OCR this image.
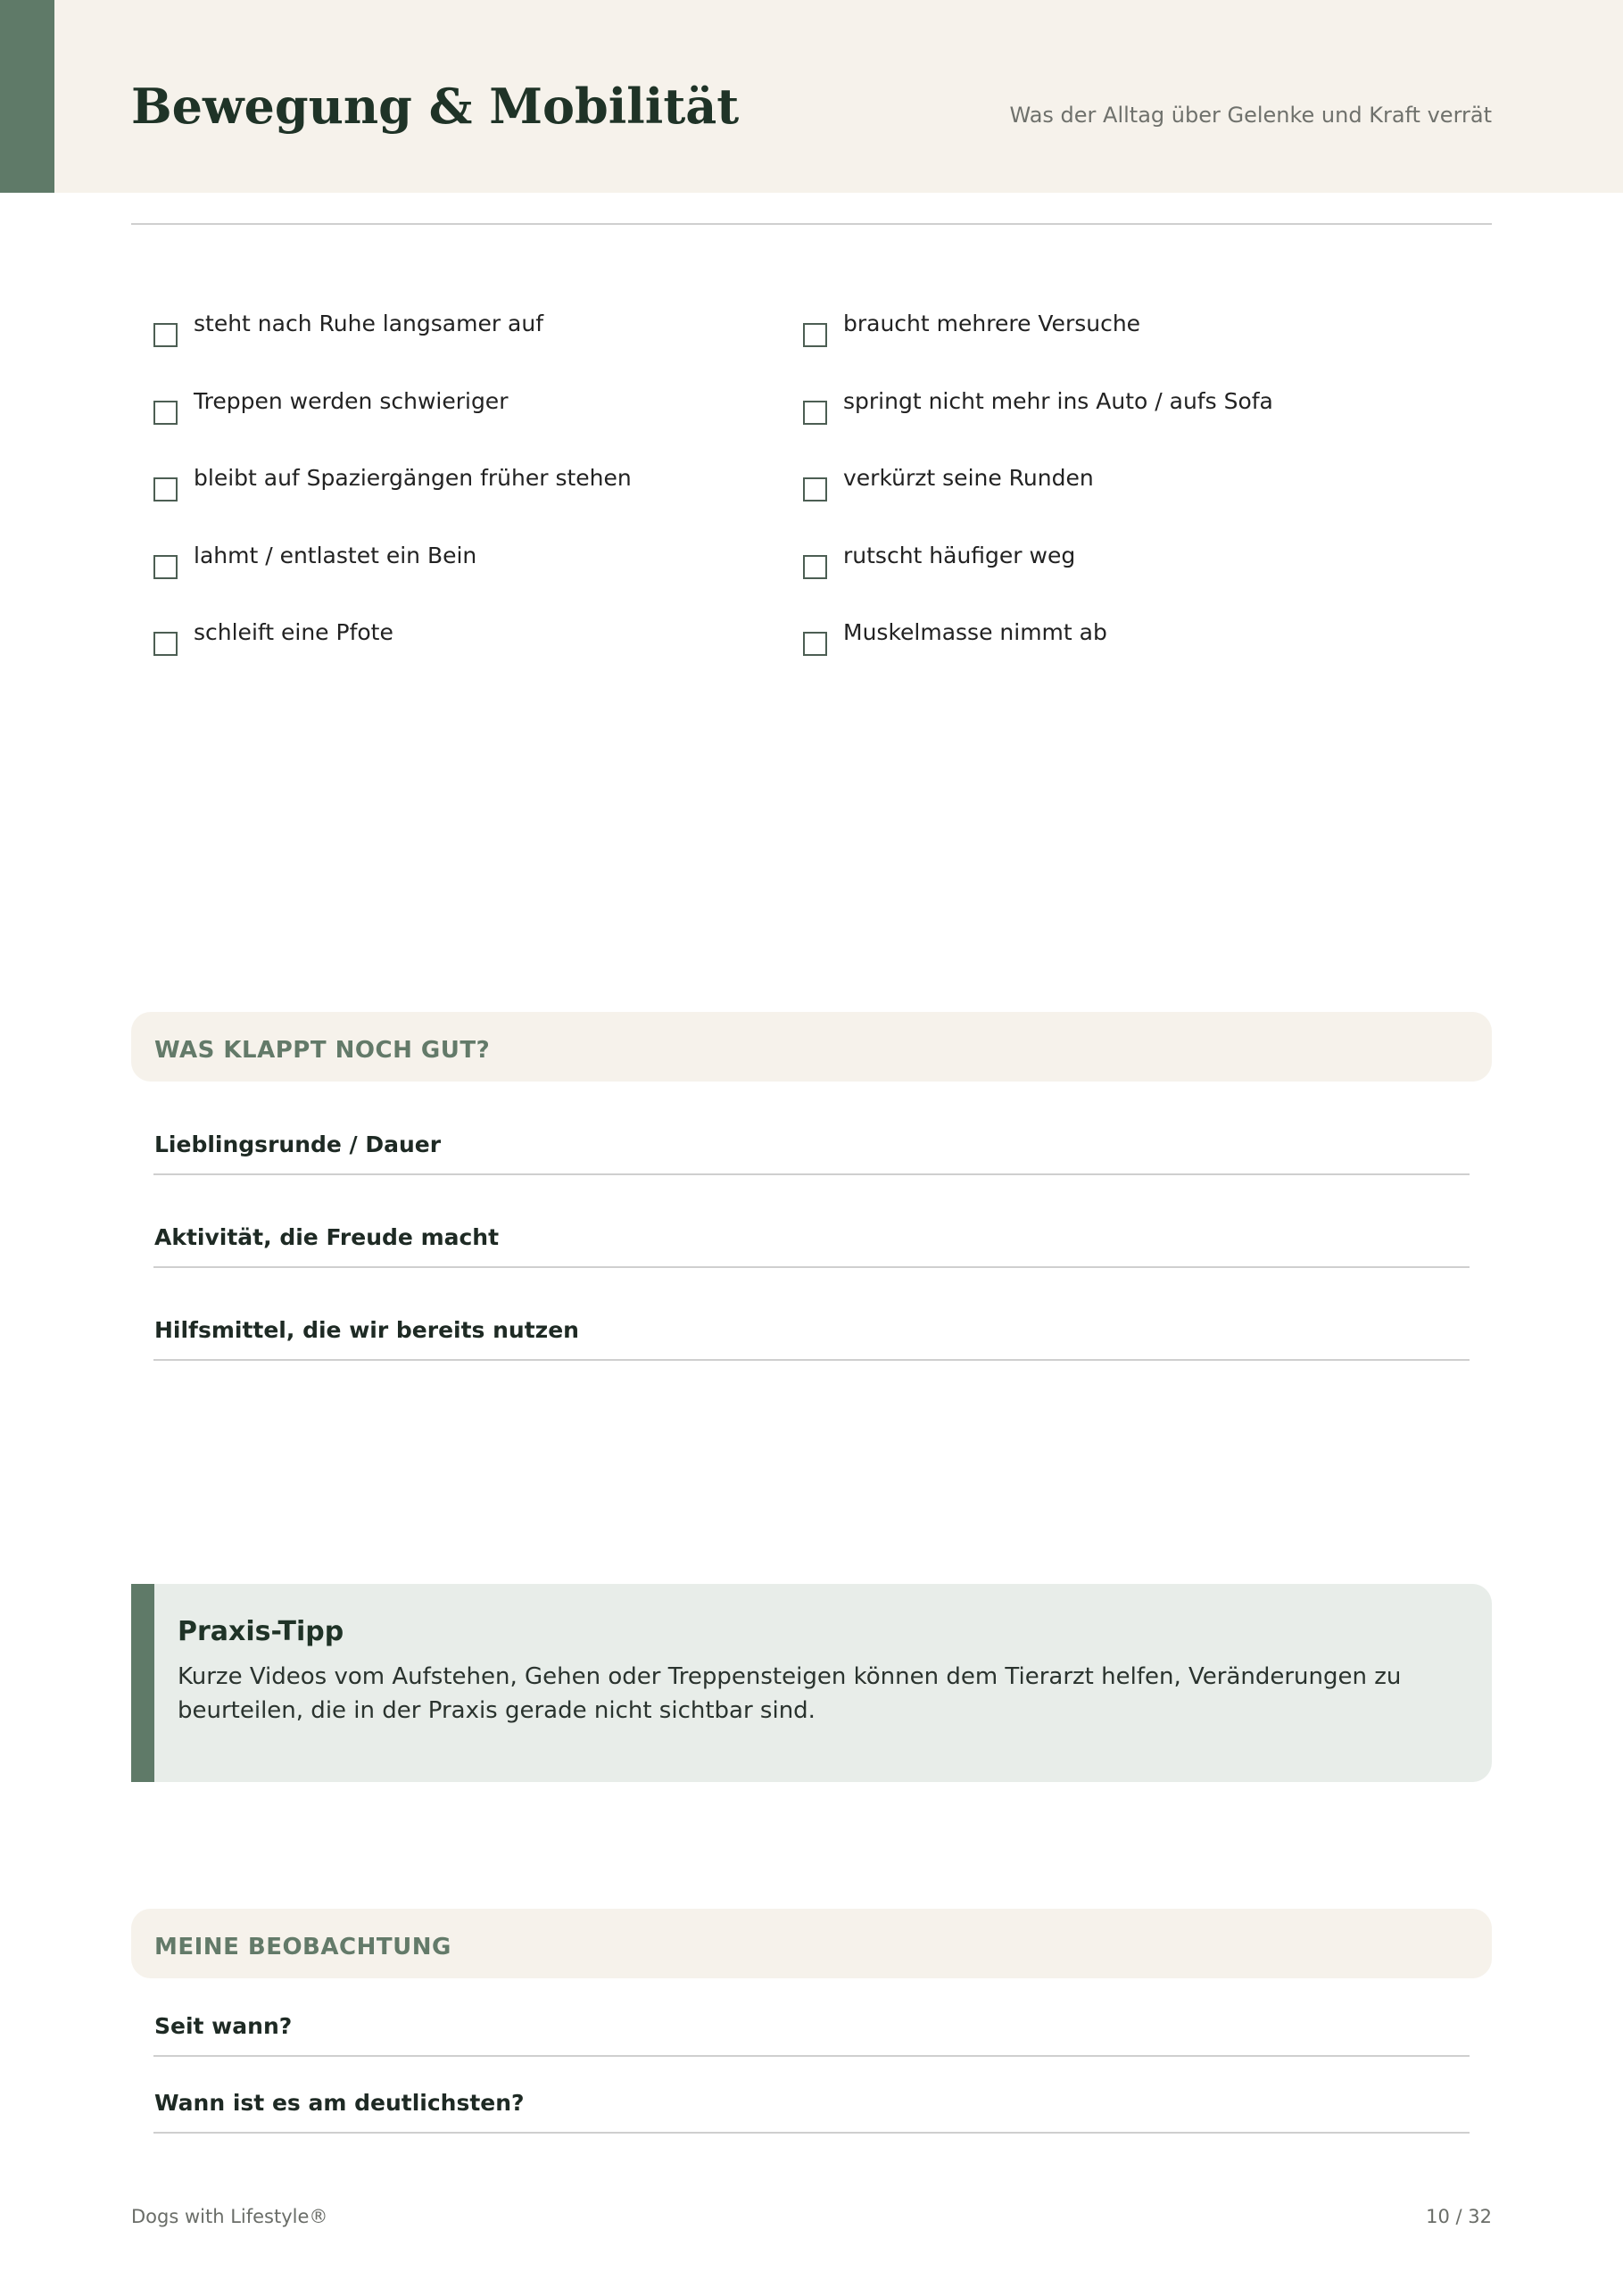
Bewegung & Mobilität	Was der Alltag über Gelenke und Kraft verrät
steht nach Ruhe langsamer auf
Treppen werden schwieriger
bleibt auf Spaziergängen früher stehen
lahmt / entlastet ein Bein
schleift eine Pfote
braucht mehrere Versuche
springt nicht mehr ins Auto / aufs Sofa
verkürzt seine Runden
rutscht häufiger weg
Muskelmasse nimmt ab
WAS KLAPPT NOCH GUT?
Lieblingsrunde / Dauer
Aktivität, die Freude macht
Hilfsmittel, die wir bereits nutzen
Praxis-Tipp
Kurze Videos vom Aufstehen, Gehen oder Treppensteigen können dem Tierarzt helfen, Veränderungen zu beurteilen, die in der Praxis gerade nicht sichtbar sind.
MEINE BEOBACHTUNG
Seit wann?
Wann ist es am deutlichsten?
Dogs with Lifestyle®	10 / 32
